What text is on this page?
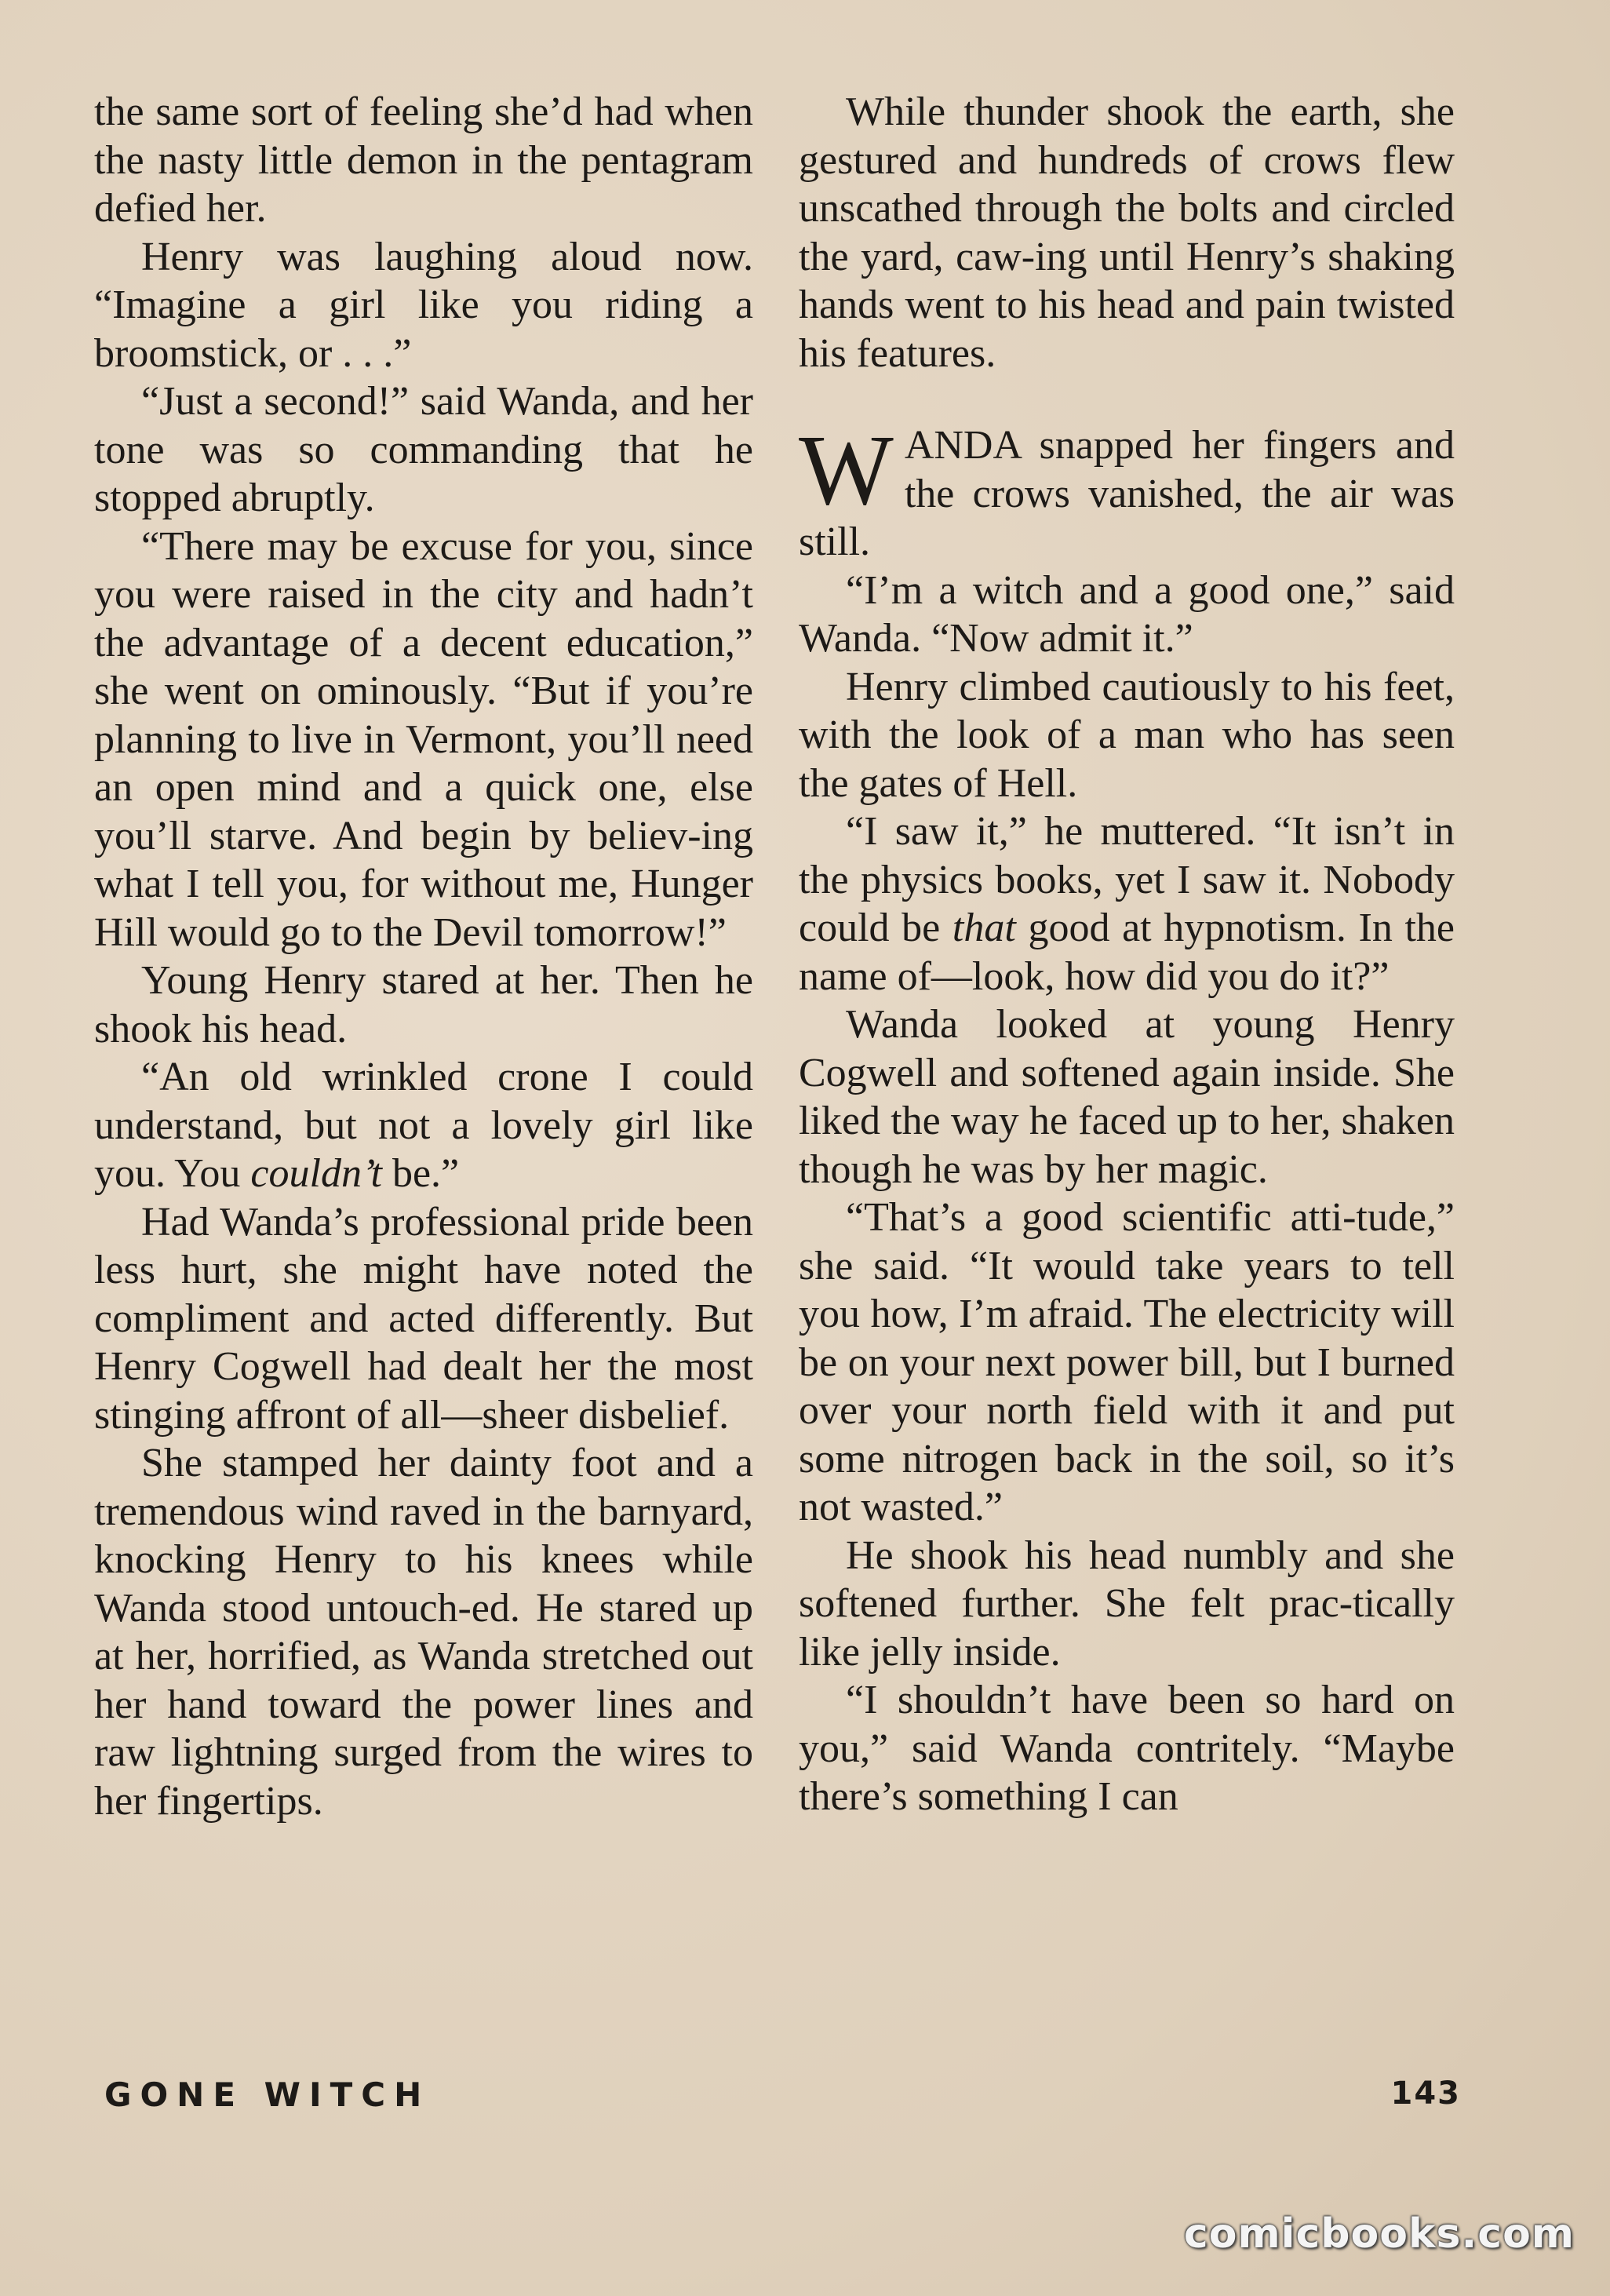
the same sort of feeling she’d had when the nasty little demon in the pentagram defied her.

Henry was laughing aloud now. “Imagine a girl like you riding a broomstick, or . . .”

“Just a second!” said Wanda, and her tone was so commanding that he stopped abruptly.

“There may be excuse for you, since you were raised in the city and hadn’t the advantage of a decent education,” she went on ominously. “But if you’re planning to live in Vermont, you’ll need an open mind and a quick one, else you’ll starve. And begin by believ-ing what I tell you, for without me, Hunger Hill would go to the Devil tomorrow!”

Young Henry stared at her. Then he shook his head.

“An old wrinkled crone I could understand, but not a lovely girl like you. You couldn’t be.”

Had Wanda’s professional pride been less hurt, she might have noted the compliment and acted differently. But Henry Cogwell had dealt her the most stinging affront of all—sheer disbelief.

She stamped her dainty foot and a tremendous wind raved in the barnyard, knocking Henry to his knees while Wanda stood untouch-ed. He stared up at her, horrified, as Wanda stretched out her hand toward the power lines and raw lightning surged from the wires to her fingertips.

While thunder shook the earth, she gestured and hundreds of crows flew unscathed through the bolts and circled the yard, caw-ing until Henry’s shaking hands went to his head and pain twisted his features.

WANDA snapped her fingers and the crows vanished, the air was still.

“I’m a witch and a good one,” said Wanda. “Now admit it.”

Henry climbed cautiously to his feet, with the look of a man who has seen the gates of Hell.

“I saw it,” he muttered. “It isn’t in the physics books, yet I saw it. Nobody could be that good at hypnotism. In the name of—look, how did you do it?”

Wanda looked at young Henry Cogwell and softened again inside. She liked the way he faced up to her, shaken though he was by her magic.

“That’s a good scientific atti-tude,” she said. “It would take years to tell you how, I’m afraid. The electricity will be on your next power bill, but I burned over your north field with it and put some nitrogen back in the soil, so it’s not wasted.”

He shook his head numbly and she softened further. She felt prac-tically like jelly inside.

“I shouldn’t have been so hard on you,” said Wanda contritely. “Maybe there’s something I can

GONE WITCH	143
comicbooks.com
